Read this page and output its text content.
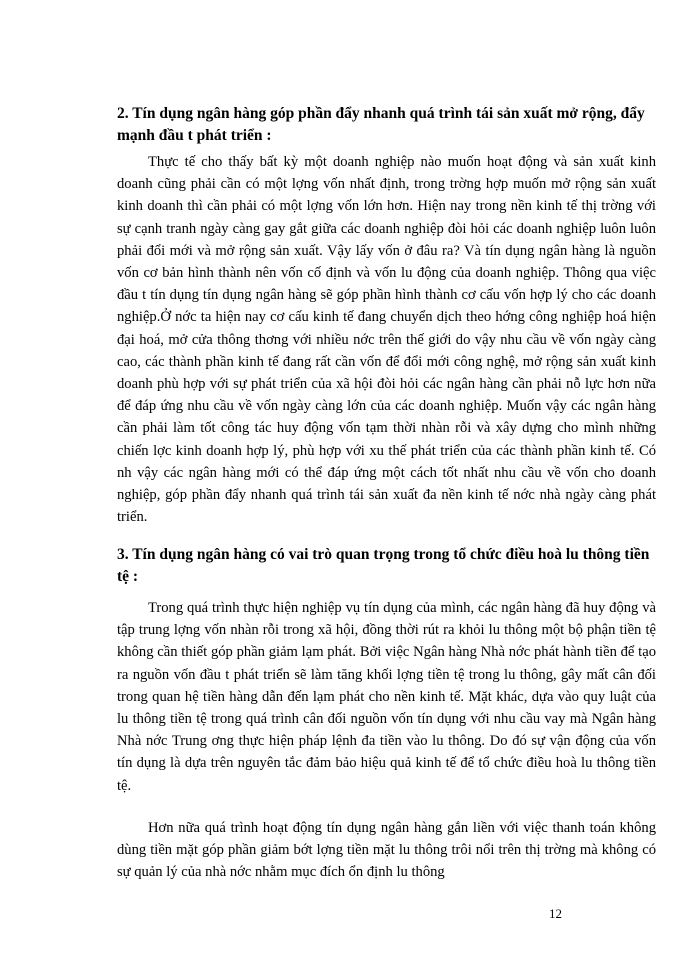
2. Tín dụng ngân hàng góp phần đẩy nhanh quá trình tái sản xuất mở rộng, đẩy mạnh đầu t phát triển :

Thực tế cho thấy bất kỳ một doanh nghiệp nào muốn hoạt động và sản xuất kinh doanh cũng phải cần có một lợng vốn nhất định, trong trờng hợp muốn mở rộng sản xuất kinh doanh thì cần phải có một lợng vốn lớn hơn. Hiện nay trong nền kinh tế thị trờng với sự cạnh tranh ngày càng gay gắt giữa các doanh nghiệp đòi hỏi các doanh nghiệp luôn luôn phải đổi mới và mở rộng sản xuất. Vậy lấy vốn ở đâu ra? Và tín dụng ngân hàng là nguồn vốn cơ bản hình thành nên vốn cố định và vốn lu động của doanh nghiệp. Thông qua việc đầu t tín dụng tín dụng ngân hàng sẽ góp phần hình thành cơ cấu vốn hợp lý cho các doanh nghiệp.Ở nớc ta hiện nay cơ cấu kinh tế đang chuyển dịch theo hớng công nghiệp hoá hiện đại hoá, mở cửa thông thơng với nhiều nớc trên thế giới do vậy nhu cầu về vốn ngày càng cao, các thành phần kinh tế đang rất cần vốn để đổi mới công nghệ, mở rộng sản xuất kinh doanh phù hợp với sự phát triển của xã hội đòi hỏi các ngân hàng cần phải nỗ lực hơn nữa để đáp ứng nhu cầu về vốn ngày càng lớn của các doanh nghiệp. Muốn vậy các ngân hàng cần phải làm tốt công tác huy động vốn tạm thời nhàn rỗi và xây dựng cho mình những chiến lợc kinh doanh hợp lý, phù hợp với xu thế phát triển của các thành phần kinh tế. Có nh vậy các ngân hàng mới có thể đáp ứng một cách tốt nhất nhu cầu về vốn cho doanh nghiệp, góp phần đẩy nhanh quá trình tái sản xuất đa nền kinh tế nớc nhà ngày càng phát triển.

3. Tín dụng ngân hàng có vai trò quan trọng trong tổ chức điều hoà lu thông tiền tệ :

Trong quá trình thực hiện nghiệp vụ tín dụng của mình, các ngân hàng đã huy động và tập trung lợng vốn nhàn rỗi trong xã hội, đồng thời rút ra khỏi lu thông một bộ phận tiền tệ không cần thiết góp phần giảm lạm phát. Bởi việc Ngân hàng Nhà nớc phát hành tiền để tạo ra nguồn vốn đầu t phát triển sẽ làm tăng khối lợng tiền tệ trong lu thông, gây mất cân đối trong quan hệ tiền hàng dẫn đến lạm phát cho nền kinh tế. Mặt khác, dựa vào quy luật của lu thông tiền tệ trong quá trình cân đối nguồn vốn tín dụng với nhu cầu vay mà Ngân hàng Nhà nớc Trung ơng thực hiện pháp lệnh đa tiền vào lu thông. Do đó sự vận động của vốn tín dụng là dựa trên nguyên tắc đảm bảo hiệu quả kinh tế để tổ chức điều hoà lu thông tiền tệ.

Hơn nữa quá trình hoạt động tín dụng ngân hàng gắn liền với việc thanh toán không dùng tiền mặt góp phần giảm bớt lợng tiền mặt lu thông trôi nổi trên thị trờng mà không có sự quản lý của nhà nớc nhằm mục đích ổn định lu thông

12
